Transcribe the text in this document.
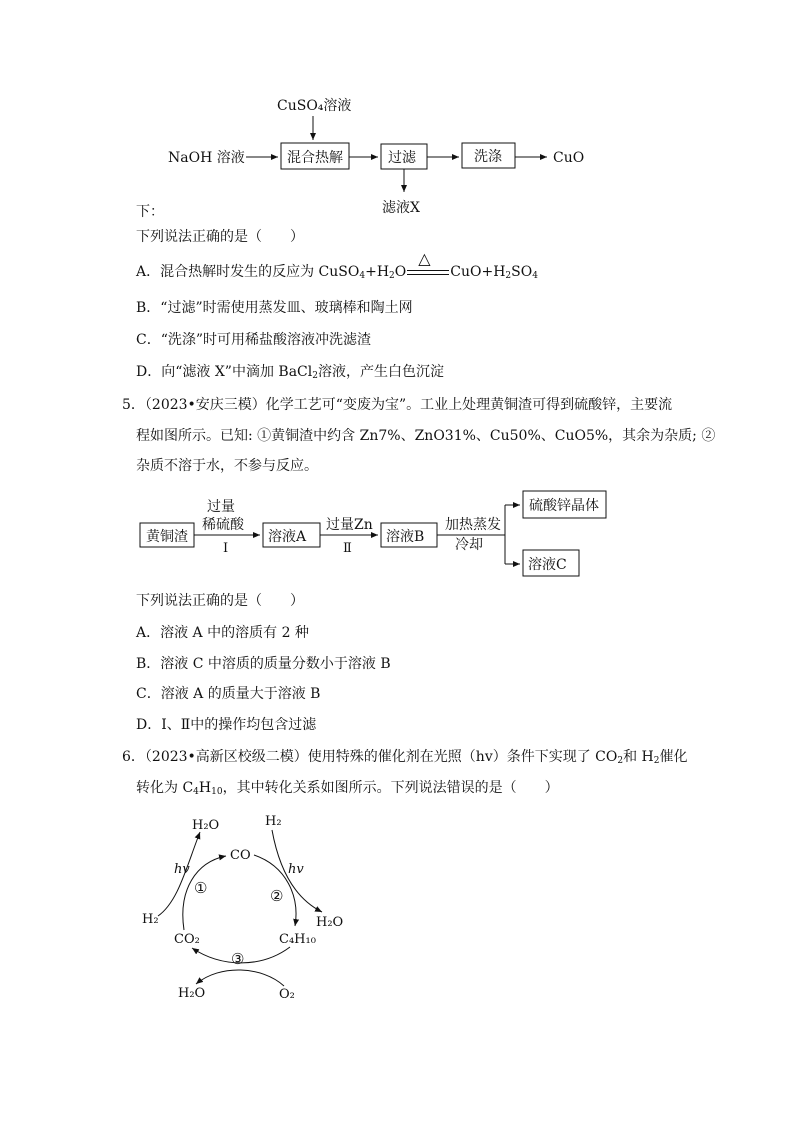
CuSO₄溶液
NaOH 溶液	混合热解	过滤	洗涤	CuO
滤液X
下：
下列说法正确的是（　　）
A．混合热解时发生的反应为 $CuSO_4+H_2O$
△
$CuO+H_2SO_4$
B．“过滤”时需使用蒸发皿、玻璃棒和陶土网
C．“洗涤”时可用稀盐酸溶液冲洗滤渣
D．向“滤液 X”中滴加 BaCl$_2$溶液，产生白色沉淀
5．（2023•安庆三模）化学工艺可“变废为宝”。工业上处理黄铜渣可得到硫酸锌，主要流
程如图所示。已知: ①黄铜渣中约含 Zn7%、ZnO31%、Cu50%、CuO5%，其余为杂质; ②
杂质不溶于水，不参与反应。
黄铜渣
过量
稀硫酸
Ⅰ
溶液A
过量Zn
Ⅱ
溶液B
加热蒸发
冷却
硫酸锌晶体
溶液C
下列说法正确的是（　　）
A．溶液 A 中的溶质有 2 种
B．溶液 C 中溶质的质量分数小于溶液 B
C．溶液 A 的质量大于溶液 B
D．Ⅰ、Ⅱ中的操作均包含过滤
6．（2023•高新区校级二模）使用特殊的催化剂在光照（hv）条件下实现了 $CO_2$和 $H_2$催化
转化为 $C_4H_{10}$，其中转化关系如图所示。下列说法错误的是（　　）
H₂O	H₂
CO
hv	hv
①	②
H₂	H₂O
CO₂	C₄H₁₀
③
H₂O	O₂
